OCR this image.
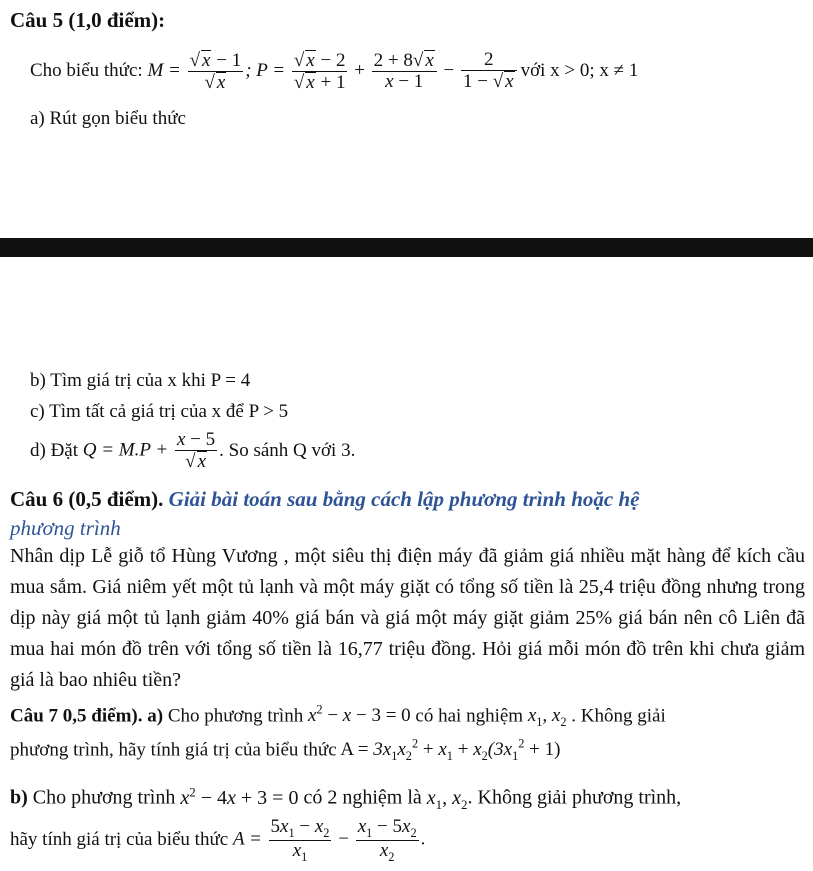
Câu 5 (1,0 điểm):
Cho biểu thức:
$M = \frac{√ x - 1}{√ x}$ ; $P = \frac{√ x - 2}{√ x + 1} + \frac{2 + 8√ x}{x - 1} - \frac{2}{1 - √ x}$ với x > 0; x ≠ 1
a) Rút gọn biểu thức
b) Tìm giá trị của x khi P = 4
c) Tìm tất cả giá trị của x để P > 5
d) Đặt
$Q = M.P + \frac{x - 5}{√ x}$ . So sánh Q với 3.
Câu 6 (0,5 điểm). Giải bài toán sau bằng cách lập phương trình hoặc hệ
phương trình
Nhân dịp Lễ giỗ tổ Hùng Vương , một siêu thị điện máy đã giảm giá nhiều mặt hàng để kích cầu mua sắm. Giá niêm yết một tủ lạnh và một máy giặt có tổng số tiền là 25,4 triệu đồng nhưng trong dịp này giá một tủ lạnh giảm 40% giá bán và giá một máy giặt giảm 25% giá bán nên cô Liên đã mua hai món đồ trên với tổng số tiền là 16,77 triệu đồng. Hỏi giá mỗi món đồ trên khi chưa giảm giá là bao nhiêu tiền?
Câu 7 0,5 điểm). a) Cho phương trình $x^2 - x - 3 = 0$ có hai nghiệm $x_1$, $x_2$ . Không giải
phương trình, hãy tính giá trị của biểu thức $A = 3x_1x_2^2 + x_1 + x_2(3x_1^2 + 1)$
b) Cho phương trình $x^2 - 4x + 3 = 0$ có 2 nghiệm là $x_1$, $x_2$. Không giải phương trình,
hãy tính giá trị của biểu thức
$A = \frac{5x_1 - x_2}{x_1} - \frac{x_1 - 5x_2}{x_2}$ .
